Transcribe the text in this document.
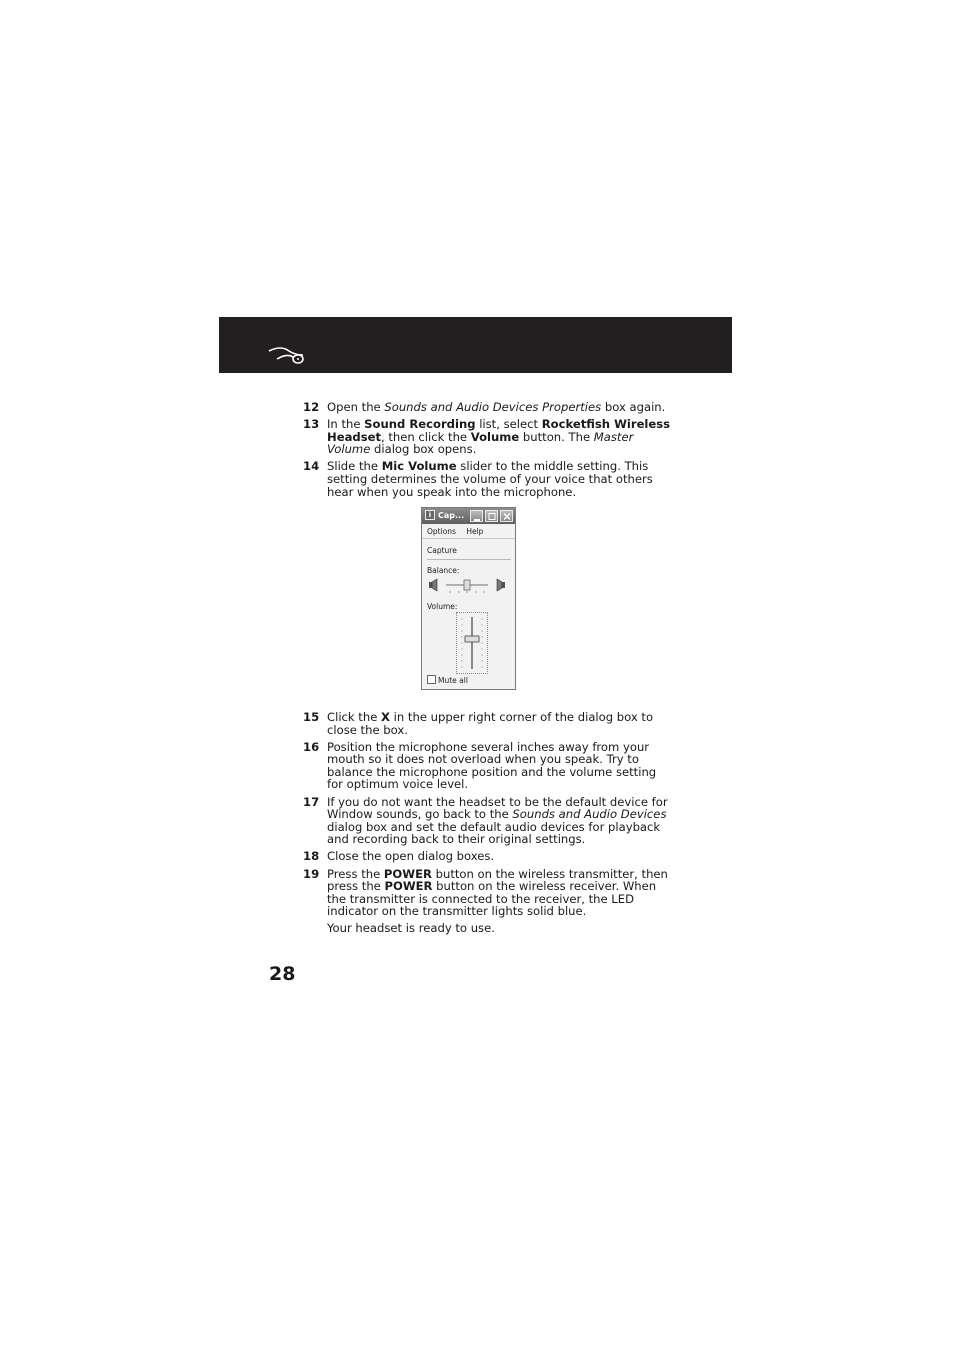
12 Open the Sounds and Audio Devices Properties box again.
13 In the Sound Recording list, select Rocketfish Wireless Headset, then click the Volume button. The Master Volume dialog box opens.
14 Slide the Mic Volume slider to the middle setting. This setting determines the volume of your voice that others hear when you speak into the microphone.
i Cap...
Options Help
Capture
Balance:
Volume:
Mute all
15 Click the X in the upper right corner of the dialog box to close the box.
16 Position the microphone several inches away from your mouth so it does not overload when you speak. Try to balance the microphone position and the volume setting for optimum voice level.
17 If you do not want the headset to be the default device for Window sounds, go back to the Sounds and Audio Devices dialog box and set the default audio devices for playback and recording back to their original settings.
18 Close the open dialog boxes.
19 Press the POWER button on the wireless transmitter, then press the POWER button on the wireless receiver. When the transmitter is connected to the receiver, the LED indicator on the transmitter lights solid blue.
Your headset is ready to use.
28
